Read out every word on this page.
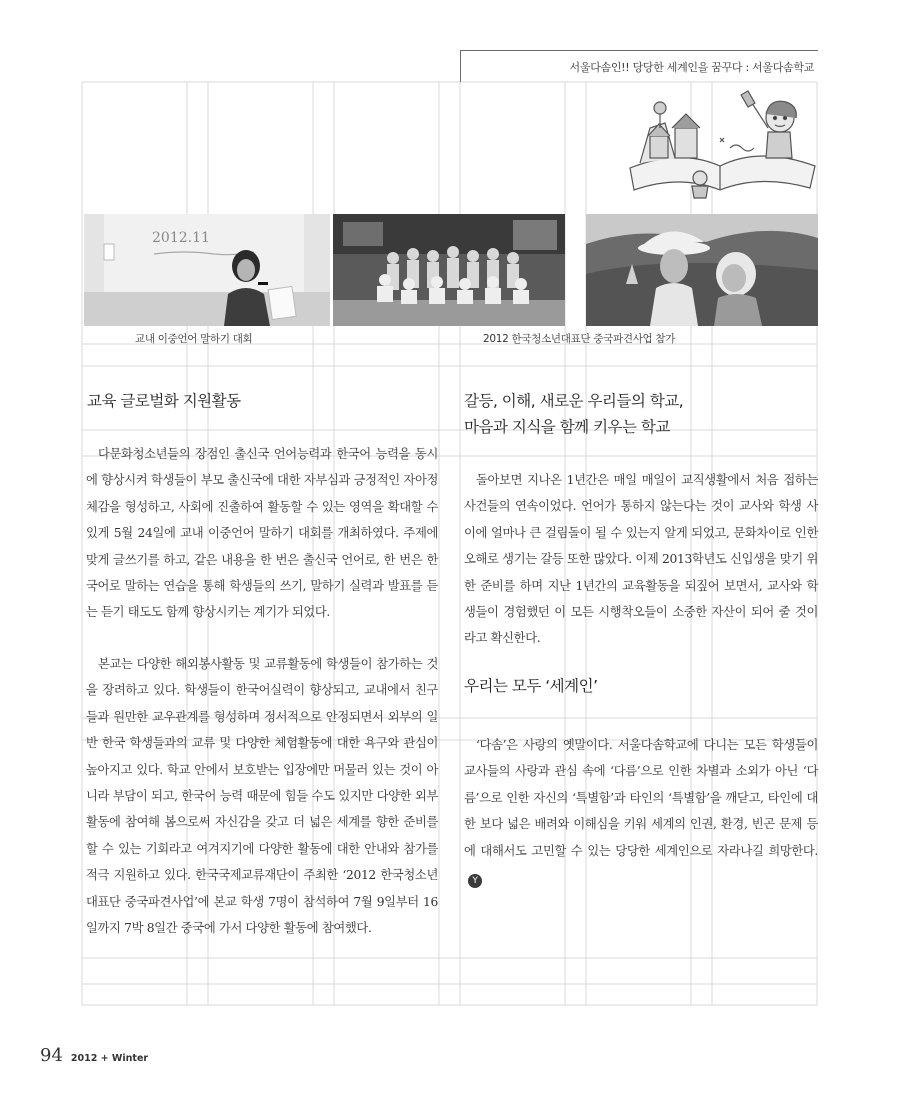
서울다솜인!! 당당한 세계인을 꿈꾸다 : 서울다솜학교
2012.11
교내 이중언어 말하기 대회	2012 한국청소년대표단 중국파견사업 참가
교육 글로벌화 지원활동

다문화청소년들의 장점인 출신국 언어능력과 한국어 능력을 동시에 향상시켜 학생들이 부모 출신국에 대한 자부심과 긍정적인 자아정체감을 형성하고, 사회에 진출하여 활동할 수 있는 영역을 확대할 수 있게 5월 24일에 교내 이중언어 말하기 대회를 개최하였다. 주제에 맞게 글쓰기를 하고, 같은 내용을 한 번은 출신국 언어로, 한 번은 한국어로 말하는 연습을 통해 학생들의 쓰기, 말하기 실력과 발표를 듣는 듣기 태도도 함께 향상시키는 계기가 되었다.

본교는 다양한 해외봉사활동 및 교류활동에 학생들이 참가하는 것을 장려하고 있다. 학생들이 한국어실력이 향상되고, 교내에서 친구들과 원만한 교우관계를 형성하며 정서적으로 안정되면서 외부의 일반 한국 학생들과의 교류 및 다양한 체험활동에 대한 욕구와 관심이 높아지고 있다. 학교 안에서 보호받는 입장에만 머물러 있는 것이 아니라 부담이 되고, 한국어 능력 때문에 힘들 수도 있지만 다양한 외부활동에 참여해 봄으로써 자신감을 갖고 더 넓은 세계를 향한 준비를 할 수 있는 기회라고 여겨지기에 다양한 활동에 대한 안내와 참가를 적극 지원하고 있다. 한국국제교류재단이 주최한 ‘2012 한국청소년대표단 중국파견사업’에 본교 학생 7명이 참석하여 7월 9일부터 16일까지 7박 8일간 중국에 가서 다양한 활동에 참여했다.

갈등, 이해, 새로운 우리들의 학교,
마음과 지식을 함께 키우는 학교

돌아보면 지나온 1년간은 매일 매일이 교직생활에서 처음 접하는 사건들의 연속이었다. 언어가 통하지 않는다는 것이 교사와 학생 사이에 얼마나 큰 걸림돌이 될 수 있는지 알게 되었고, 문화차이로 인한 오해로 생기는 갈등 또한 많았다. 이제 2013학년도 신입생을 맞기 위한 준비를 하며 지난 1년간의 교육활동을 되짚어 보면서, 교사와 학생들이 경험했던 이 모든 시행착오들이 소중한 자산이 되어 줄 것이라고 확신한다.

우리는 모두 ‘세계인’

‘다솜’은 사랑의 옛말이다. 서울다솜학교에 다니는 모든 학생들이 교사들의 사랑과 관심 속에 ‘다름’으로 인한 차별과 소외가 아닌 ‘다름’으로 인한 자신의 ‘특별함’과 타인의 ‘특별함’을 깨닫고, 타인에 대한 보다 넓은 배려와 이해심을 키워 세계의 인권, 환경, 빈곤 문제 등에 대해서도 고민할 수 있는 당당한 세계인으로 자라나길 희망한다.Y

94 2012 + Winter
